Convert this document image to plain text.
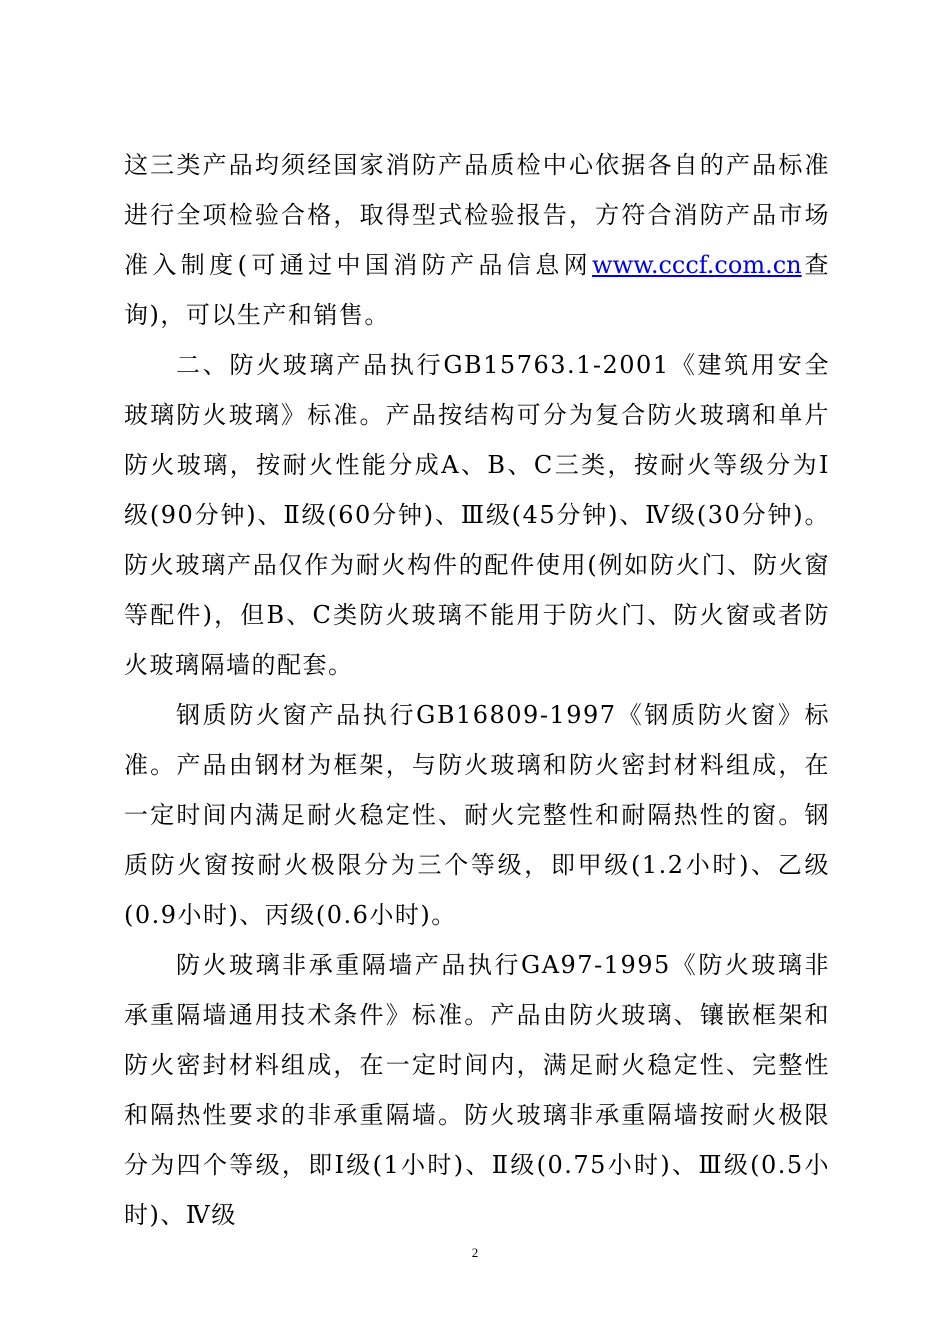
这三类产品均须经国家消防产品质检中心依据各自的产品标准进行全项检验合格，取得型式检验报告，方符合消防产品市场准入制度(可通过中国消防产品信息网www.cccf.com.cn查询)，可以生产和销售。

二、防火玻璃产品执行GB15763.1-2001《建筑用安全玻璃防火玻璃》标准。产品按结构可分为复合防火玻璃和单片防火玻璃，按耐火性能分成A、B、C三类，按耐火等级分为Ⅰ级(90分钟)、Ⅱ级(60分钟)、Ⅲ级(45分钟)、Ⅳ级(30分钟)。防火玻璃产品仅作为耐火构件的配件使用(例如防火门、防火窗等配件)，但B、C类防火玻璃不能用于防火门、防火窗或者防火玻璃隔墙的配套。

钢质防火窗产品执行GB16809-1997《钢质防火窗》标准。产品由钢材为框架，与防火玻璃和防火密封材料组成，在一定时间内满足耐火稳定性、耐火完整性和耐隔热性的窗。钢质防火窗按耐火极限分为三个等级，即甲级(1.2小时)、乙级(0.9小时)、丙级(0.6小时)。

防火玻璃非承重隔墙产品执行GA97-1995《防火玻璃非承重隔墙通用技术条件》标准。产品由防火玻璃、镶嵌框架和防火密封材料组成，在一定时间内，满足耐火稳定性、完整性和隔热性要求的非承重隔墙。防火玻璃非承重隔墙按耐火极限分为四个等级，即Ⅰ级(1小时)、Ⅱ级(0.75小时)、Ⅲ级(0.5小时)、Ⅳ级

2
